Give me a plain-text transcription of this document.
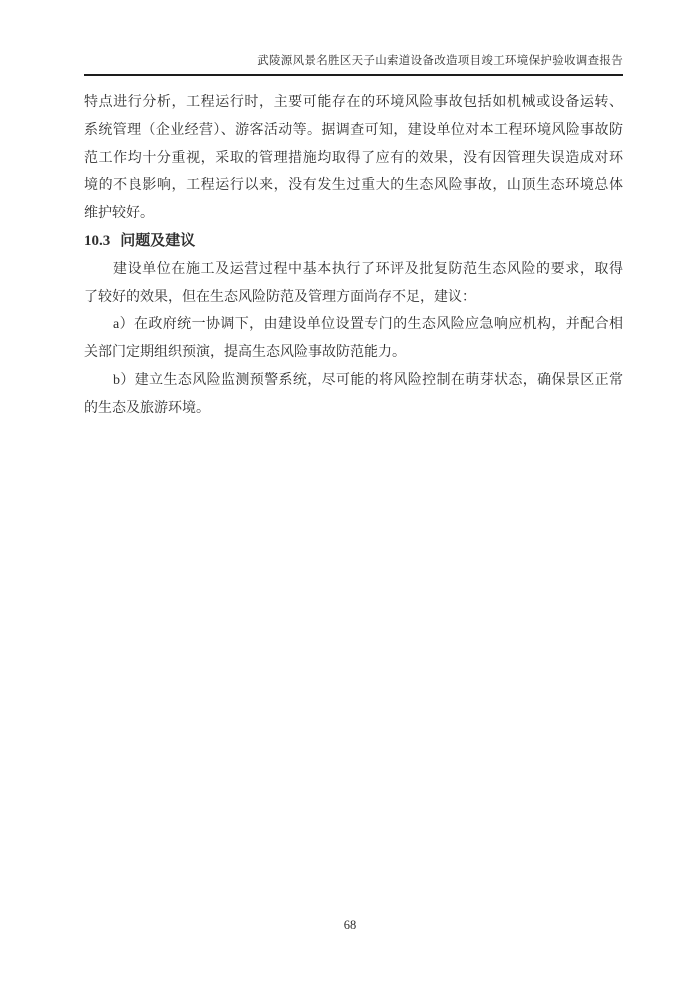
武陵源风景名胜区天子山索道设备改造项目竣工环境保护验收调查报告
特点进行分析，工程运行时，主要可能存在的环境风险事故包括如机械或设备运转、
系统管理（企业经营）、游客活动等。据调查可知，建设单位对本工程环境风险事故防
范工作均十分重视，采取的管理措施均取得了应有的效果，没有因管理失误造成对环
境的不良影响，工程运行以来，没有发生过重大的生态风险事故，山顶生态环境总体
维护较好。
10.3 问题及建议
建设单位在施工及运营过程中基本执行了环评及批复防范生态风险的要求，取得
了较好的效果，但在生态风险防范及管理方面尚存不足，建议：
a）在政府统一协调下，由建设单位设置专门的生态风险应急响应机构，并配合相
关部门定期组织预演，提高生态风险事故防范能力。
b）建立生态风险监测预警系统，尽可能的将风险控制在萌芽状态，确保景区正常
的生态及旅游环境。
68
